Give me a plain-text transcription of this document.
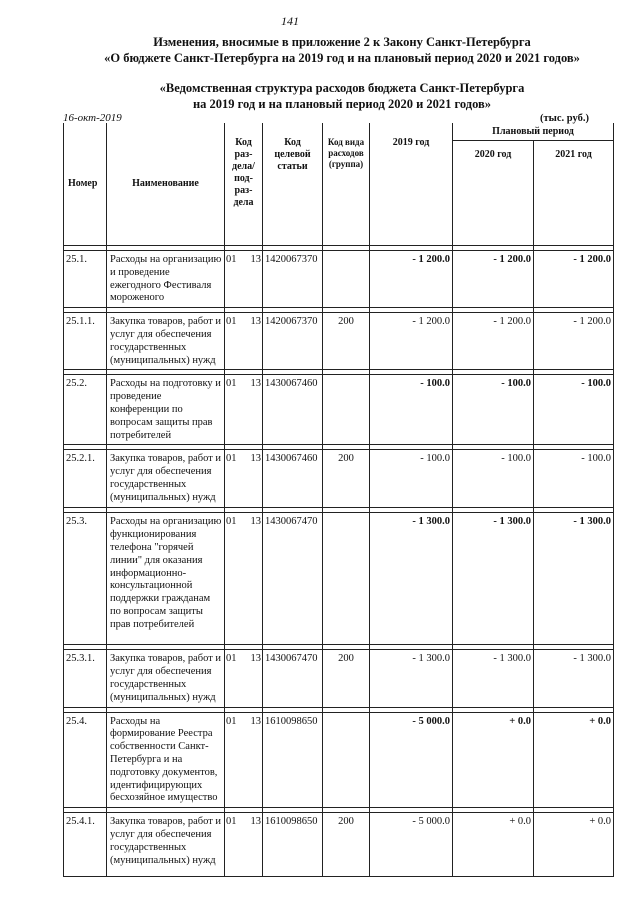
141
Изменения, вносимые в приложение 2 к Закону Санкт-Петербурга
«О бюджете Санкт-Петербурга на 2019 год и на плановый период 2020 и 2021 годов»
«Ведомственная структура расходов бюджета Санкт-Петербурга
на 2019 год и на плановый период 2020 и 2021 годов»
16-окт-2019	(тыс. руб.)
Номер	Наименование	Код раз- дела/ под- раз- дела	Код целевой статьи	Код вида расходов (группа)	2019 год	Плановый период	
						2020 год	2021 год

25.1.	Расходы на организацию и проведение ежегодного Фестиваля мороженого	01 13	1420067370		- 1 200.0	- 1 200.0	- 1 200.0

25.1.1.	Закупка товаров, работ и услуг для обеспечения государственных (муниципальных) нужд	01 13	1420067370	200	- 1 200.0	- 1 200.0	- 1 200.0

25.2.	Расходы на подготовку и проведение конференции по вопросам защиты прав потребителей	01 13	1430067460		- 100.0	- 100.0	- 100.0

25.2.1.	Закупка товаров, работ и услуг для обеспечения государственных (муниципальных) нужд	01 13	1430067460	200	- 100.0	- 100.0	- 100.0

25.3.	Расходы на организацию функционирования телефона "горячей линии" для оказания информационно-консультационной поддержки гражданам по вопросам защиты прав потребителей	01 13	1430067470		- 1 300.0	- 1 300.0	- 1 300.0

25.3.1.	Закупка товаров, работ и услуг для обеспечения государственных (муниципальных) нужд	01 13	1430067470	200	- 1 300.0	- 1 300.0	- 1 300.0

25.4.	Расходы на формирование Реестра собственности Санкт-Петербурга и на подготовку документов, идентифицирующих бесхозяйное имущество	01 13	1610098650		- 5 000.0	+ 0.0	+ 0.0

25.4.1.	Закупка товаров, работ и услуг для обеспечения государственных (муниципальных) нужд	01 13	1610098650	200	- 5 000.0	+ 0.0	+ 0.0
